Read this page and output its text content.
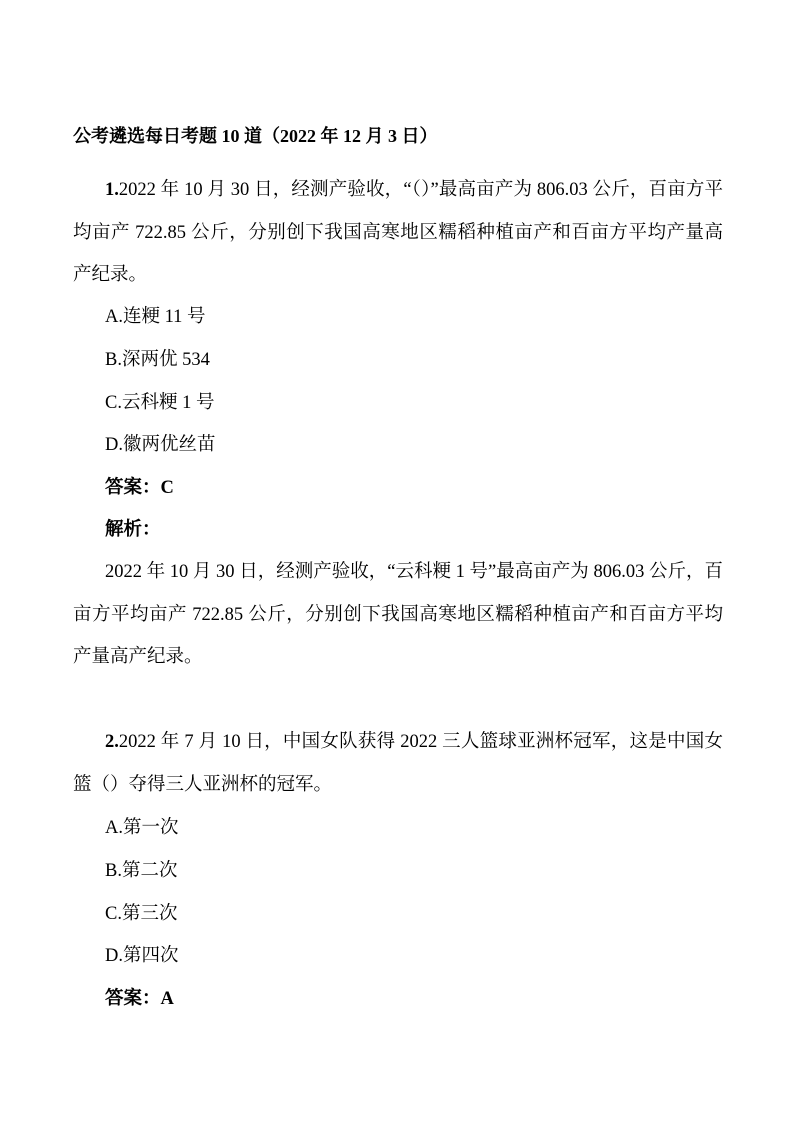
公考遴选每日考题 10 道（2022 年 12 月 3 日）
1.2022 年 10 月 30 日，经测产验收，“（）”最高亩产为 806.03 公斤，百亩方平均亩产 722.85 公斤，分别创下我国高寒地区糯稻种植亩产和百亩方平均产量高产纪录。
A.连粳 11 号
B.深两优 534
C.云科粳 1 号
D.徽两优丝苗
答案：C
解析：
2022 年 10 月 30 日，经测产验收，“云科粳 1 号”最高亩产为 806.03 公斤，百亩方平均亩产 722.85 公斤，分别创下我国高寒地区糯稻种植亩产和百亩方平均产量高产纪录。
2.2022 年 7 月 10 日，中国女队获得 2022 三人篮球亚洲杯冠军，这是中国女篮（）夺得三人亚洲杯的冠军。
A.第一次
B.第二次
C.第三次
D.第四次
答案：A
